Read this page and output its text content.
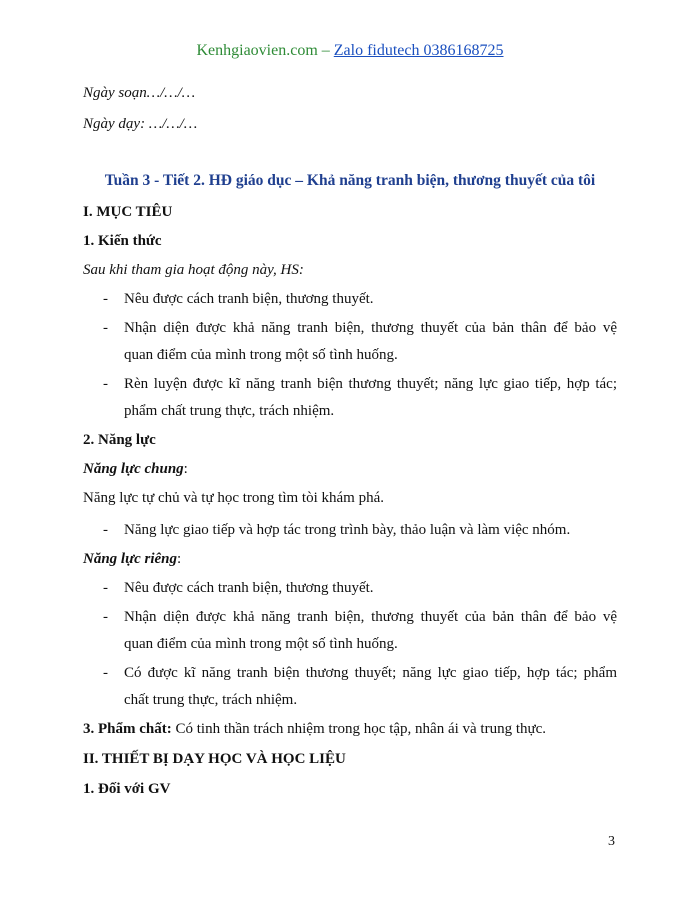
Kenhgiaovien.com – Zalo fidutech 0386168725
Ngày soạn…/…/…
Ngày dạy: …/…/…
Tuần 3 - Tiết 2. HĐ giáo dục – Khả năng tranh biện, thương thuyết của tôi
I. MỤC TIÊU
1. Kiến thức
Sau khi tham gia hoạt động này, HS:
- Nêu được cách tranh biện, thương thuyết.
- Nhận diện được khả năng tranh biện, thương thuyết của bản thân để bảo vệ
quan điểm của mình trong một số tình huống.
- Rèn luyện được kĩ năng tranh biện thương thuyết; năng lực giao tiếp, hợp tác;
phẩm chất trung thực, trách nhiệm.
2. Năng lực
Năng lực chung:
Năng lực tự chủ và tự học trong tìm tòi khám phá.
- Năng lực giao tiếp và hợp tác trong trình bày, thảo luận và làm việc nhóm.
Năng lực riêng:
- Nêu được cách tranh biện, thương thuyết.
- Nhận diện được khả năng tranh biện, thương thuyết của bản thân để bảo vệ
quan điểm của mình trong một số tình huống.
- Có được kĩ năng tranh biện thương thuyết; năng lực giao tiếp, hợp tác; phẩm
chất trung thực, trách nhiệm.
3. Phẩm chất: Có tinh thần trách nhiệm trong học tập, nhân ái và trung thực.
II. THIẾT BỊ DẠY HỌC VÀ HỌC LIỆU
1. Đối với GV
3
